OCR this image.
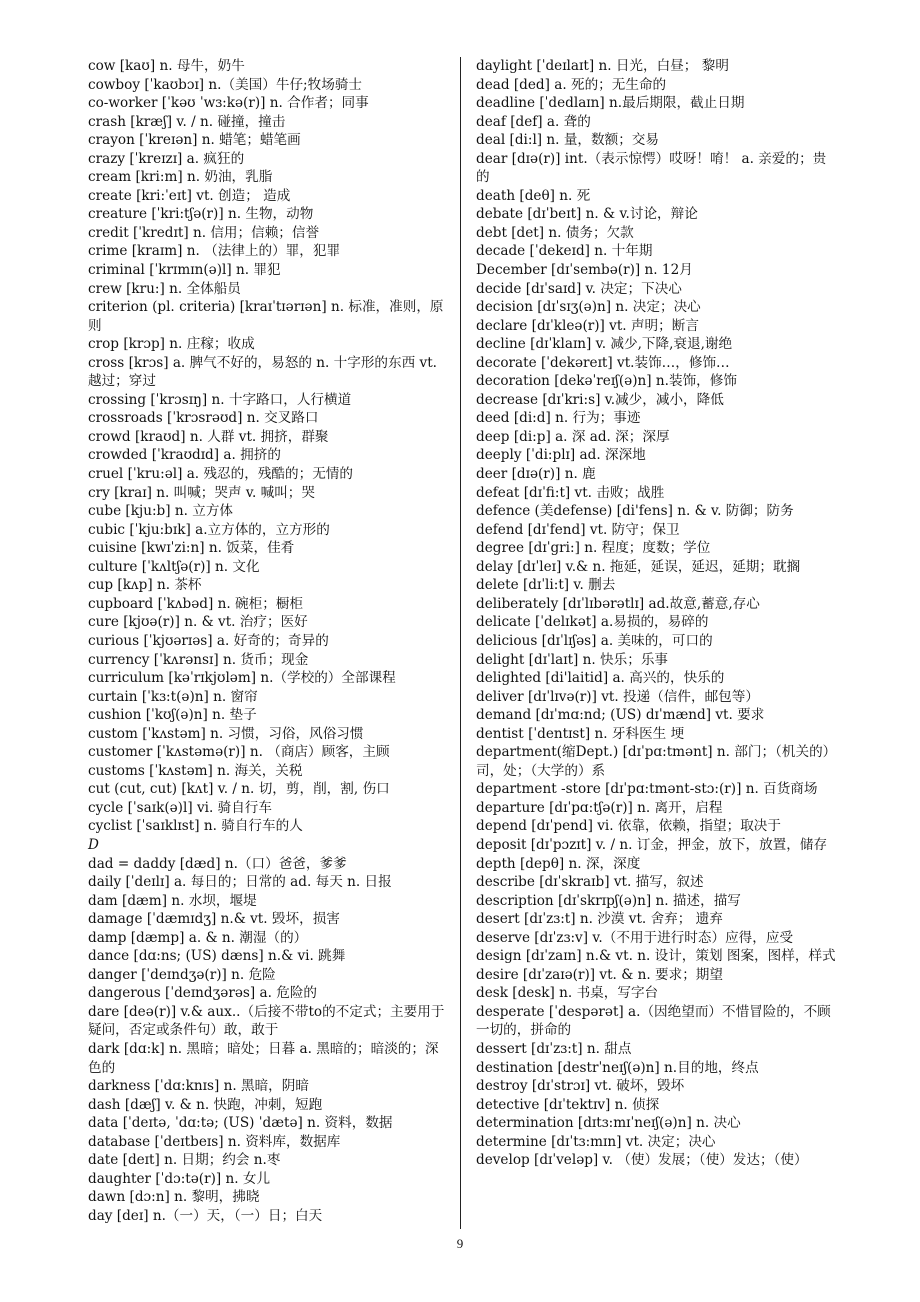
cow [kaʊ] n. 母牛，奶牛

cowboy [ˈkaʊbɔɪ] n.（美国）牛仔;牧场骑士

co-worker [ˈkəʊ ˈwɜ:kə(r)] n. 合作者；同事

crash [kræʃ] v. / n. 碰撞，撞击

crayon [ˈkreɪən] n. 蜡笔；蜡笔画

crazy [ˈkreɪzɪ] a. 疯狂的

cream [kri:m] n. 奶油，乳脂

create [kri:ˈeɪt] vt. 创造； 造成

creature [ˈkri:tʃə(r)] n. 生物，动物

credit [ˈkredɪt] n. 信用；信赖；信誉

crime [kraɪm] n. （法律上的）罪，犯罪

criminal [ˈkrɪmɪn(ə)l] n. 罪犯

crew [kru:] n. 全体船员

criterion (pl. criteria) [kraɪˈtɪərɪən] n. 标准，准则，原则

crop [krɔp] n. 庄稼；收成

cross [krɔs] a. 脾气不好的，易怒的 n. 十字形的东西 vt. 越过；穿过

crossing [ˈkrɔsɪŋ] n. 十字路口，人行横道

crossroads [ˈkrɔsrəʊd] n. 交叉路口

crowd [kraʊd] n. 人群 vt. 拥挤，群聚

crowded [ˈkraʊdɪd] a. 拥挤的

cruel [ˈkru:əl] a. 残忍的，残酷的；无情的

cry [kraɪ] n. 叫喊；哭声 v. 喊叫；哭

cube [kju:b] n. 立方体

cubic [ˈkju:bɪk] a.立方体的，立方形的

cuisine [kwɪˈzi:n] n. 饭菜，佳肴

culture [ˈkʌltʃə(r)] n. 文化

cup [kʌp] n. 茶杯

cupboard [ˈkʌbəd] n. 碗柜；橱柜

cure [kjʊə(r)] n. & vt. 治疗；医好

curious [ˈkjʊərɪəs] a. 好奇的；奇异的

currency [ˈkʌrənsɪ] n. 货币；现金

curriculum [kəˈrɪkjʊləm] n.（学校的）全部课程

curtain [ˈkɜ:t(ə)n] n. 窗帘

cushion [ˈkʊʃ(ə)n] n. 垫子

custom [ˈkʌstəm] n. 习惯，习俗，风俗习惯

customer [ˈkʌstəmə(r)] n. （商店）顾客，主顾

customs [ˈkʌstəm] n. 海关，关税

cut (cut, cut) [kʌt] v. / n. 切，剪，削，割, 伤口

cycle [ˈsaɪk(ə)l] vi. 骑自行车

cyclist [ˈsaɪklɪst] n. 骑自行车的人

D

dad = daddy [dæd] n.（口）爸爸，爹爹

daily [ˈdeɪlɪ] a. 每日的；日常的 ad. 每天 n. 日报

dam [dæm] n. 水坝，堰堤

damage [ˈdæmɪdʒ] n.& vt. 毁坏，损害

damp [dæmp] a. & n. 潮湿（的）

dance [dɑ:ns; (US) dæns] n.& vi. 跳舞

danger [ˈdeɪndʒə(r)] n. 危险

dangerous [ˈdeɪndʒərəs] a. 危险的

dare [deə(r)] v.& aux..（后接不带to的不定式；主要用于疑问，否定或条件句）敢，敢于

dark [dɑ:k] n. 黑暗；暗处；日暮 a. 黑暗的；暗淡的；深色的

darkness [ˈdɑ:knɪs] n. 黑暗，阴暗

dash [dæʃ] v. & n. 快跑，冲刺，短跑

data [ˈdeɪtə, ˈdɑ:tə; (US) ˈdætə] n. 资料，数据

database [ˈdeɪtbeɪs] n. 资料库，数据库

date [deɪt] n. 日期；约会 n.枣

daughter [ˈdɔ:tə(r)] n. 女儿

dawn [dɔ:n] n. 黎明，拂晓

day [deɪ] n.（一）天，（一）日；白天

daylight [ˈdeɪlaɪt] n. 日光，白昼； 黎明

dead [ded] a. 死的；无生命的

deadline [ˈdedlaɪn] n.最后期限，截止日期

deaf [def] a. 聋的

deal [di:l] n. 量，数额；交易

dear [dɪə(r)] int.（表示惊愕）哎呀！唷！ a. 亲爱的；贵的

death [deθ] n. 死

debate [dɪˈbeɪt] n. & v.讨论，辩论

debt [det] n. 债务；欠款

decade [ˈdekeɪd] n. 十年期

December [dɪˈsembə(r)] n. 12月

decide [dɪˈsaɪd] v. 决定；下决心

decision [dɪˈsɪʒ(ə)n] n. 决定；决心

declare [dɪˈkleə(r)] vt. 声明；断言

decline [dɪˈklaɪn] v. 减少,下降,衰退,谢绝

decorate [ˈdekəreɪt] vt.装饰…，修饰…

decoration [dekəˈreɪʃ(ə)n] n.装饰，修饰

decrease [dɪˈkri:s] v.减少，减小，降低

deed [di:d] n. 行为；事迹

deep [di:p] a. 深 ad. 深；深厚

deeply [ˈdi:plɪ] ad. 深深地

deer [dɪə(r)] n. 鹿

defeat [dɪˈfi:t] vt. 击败；战胜

defence (美defense) [di'fens] n. & v. 防御；防务

defend [dɪˈfend] vt. 防守；保卫

degree [dɪˈgri:] n. 程度；度数；学位

delay [dɪˈleɪ] v.& n. 拖延，延误，延迟，延期；耽搁

delete [dɪˈli:t] v. 删去

deliberately [dɪˈlɪbərətlɪ] ad.故意,蓄意,存心

delicate [ˈdelɪkət] a.易损的，易碎的

delicious [dɪˈlɪʃəs] a. 美味的，可口的

delight [dɪˈlaɪt] n. 快乐；乐事

delighted [di'laitid] a. 高兴的，快乐的

deliver [dɪˈlɪvə(r)] vt. 投递（信件，邮包等）

demand [dɪˈmɑ:nd; (US) dɪˈmænd] vt. 要求

dentist [ˈdentɪst] n. 牙科医生 埂

department(缩Dept.) [dɪˈpɑ:tmənt] n. 部门；（机关的）司，处；（大学的）系

department -store [dɪˈpɑ:tmənt-stɔ:(r)] n. 百货商场

departure [dɪˈpɑ:tʃə(r)] n. 离开，启程

depend [dɪˈpend] vi. 依靠，依赖，指望；取决于

deposit [dɪˈpɔzɪt] v. / n. 订金，押金，放下，放置，储存

depth [depθ] n. 深，深度

describe [dɪˈskraɪb] vt. 描写，叙述

description [dɪˈskrɪpʃ(ə)n] n. 描述，描写

desert [dɪˈzɜ:t] n. 沙漠 vt. 舍弃； 遗弃

deserve [dɪˈzɜ:v] v.（不用于进行时态）应得，应受

design [dɪˈzaɪn] n.& vt. n. 设计，策划 图案，图样，样式

desire [dɪˈzaɪə(r)] vt. & n. 要求；期望

desk [desk] n. 书桌，写字台

desperate [ˈdespərət] a.（因绝望而）不惜冒险的，不顾一切的，拼命的

dessert [dɪˈzɜ:t] n. 甜点

destination [destrˈneɪʃ(ə)n] n.目的地，终点

destroy [dɪˈstrɔɪ] vt. 破坏，毁坏

detective [dɪˈtektɪv] n. 侦探

determination [dɪtɜ:mɪˈneɪʃ(ə)n] n. 决心

determine [dɪˈtɜ:mɪn] vt. 决定；决心

develop [dɪˈveləp] v. （使）发展；（使）发达；（使）

9
